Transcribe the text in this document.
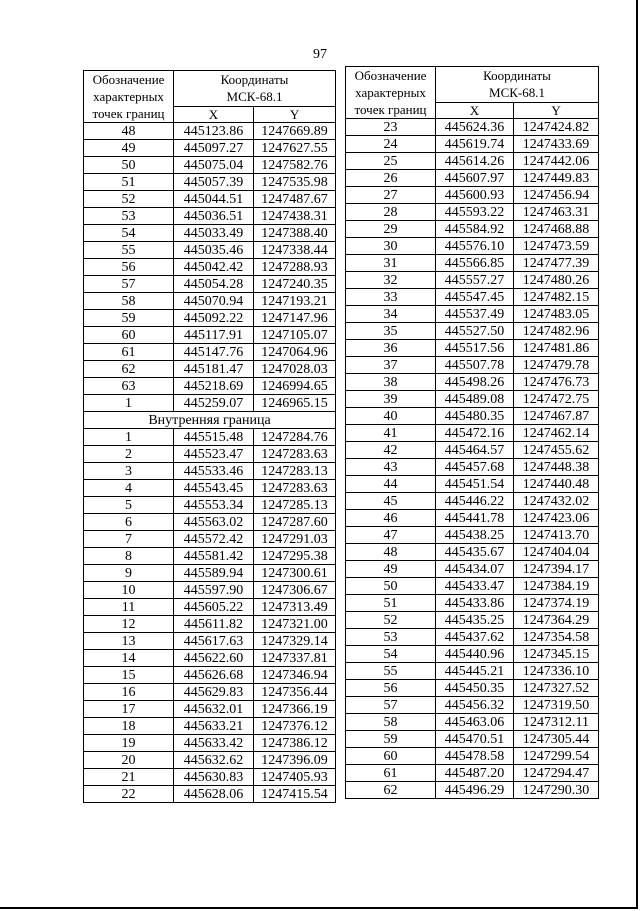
97
Обозначение
характерных
точек границ	Координаты
МСК-68.1	
	X	Y
48	445123.86	1247669.89
49	445097.27	1247627.55
50	445075.04	1247582.76
51	445057.39	1247535.98
52	445044.51	1247487.67
53	445036.51	1247438.31
54	445033.49	1247388.40
55	445035.46	1247338.44
56	445042.42	1247288.93
57	445054.28	1247240.35
58	445070.94	1247193.21
59	445092.22	1247147.96
60	445117.91	1247105.07
61	445147.76	1247064.96
62	445181.47	1247028.03
63	445218.69	1246994.65
1	445259.07	1246965.15
Внутренняя граница		
1	445515.48	1247284.76
2	445523.47	1247283.63
3	445533.46	1247283.13
4	445543.45	1247283.63
5	445553.34	1247285.13
6	445563.02	1247287.60
7	445572.42	1247291.03
8	445581.42	1247295.38
9	445589.94	1247300.61
10	445597.90	1247306.67
11	445605.22	1247313.49
12	445611.82	1247321.00
13	445617.63	1247329.14
14	445622.60	1247337.81
15	445626.68	1247346.94
16	445629.83	1247356.44
17	445632.01	1247366.19
18	445633.21	1247376.12
19	445633.42	1247386.12
20	445632.62	1247396.09
21	445630.83	1247405.93
22	445628.06	1247415.54
Обозначение
характерных
точек границ	Координаты
МСК-68.1	
	X	Y
23	445624.36	1247424.82
24	445619.74	1247433.69
25	445614.26	1247442.06
26	445607.97	1247449.83
27	445600.93	1247456.94
28	445593.22	1247463.31
29	445584.92	1247468.88
30	445576.10	1247473.59
31	445566.85	1247477.39
32	445557.27	1247480.26
33	445547.45	1247482.15
34	445537.49	1247483.05
35	445527.50	1247482.96
36	445517.56	1247481.86
37	445507.78	1247479.78
38	445498.26	1247476.73
39	445489.08	1247472.75
40	445480.35	1247467.87
41	445472.16	1247462.14
42	445464.57	1247455.62
43	445457.68	1247448.38
44	445451.54	1247440.48
45	445446.22	1247432.02
46	445441.78	1247423.06
47	445438.25	1247413.70
48	445435.67	1247404.04
49	445434.07	1247394.17
50	445433.47	1247384.19
51	445433.86	1247374.19
52	445435.25	1247364.29
53	445437.62	1247354.58
54	445440.96	1247345.15
55	445445.21	1247336.10
56	445450.35	1247327.52
57	445456.32	1247319.50
58	445463.06	1247312.11
59	445470.51	1247305.44
60	445478.58	1247299.54
61	445487.20	1247294.47
62	445496.29	1247290.30
